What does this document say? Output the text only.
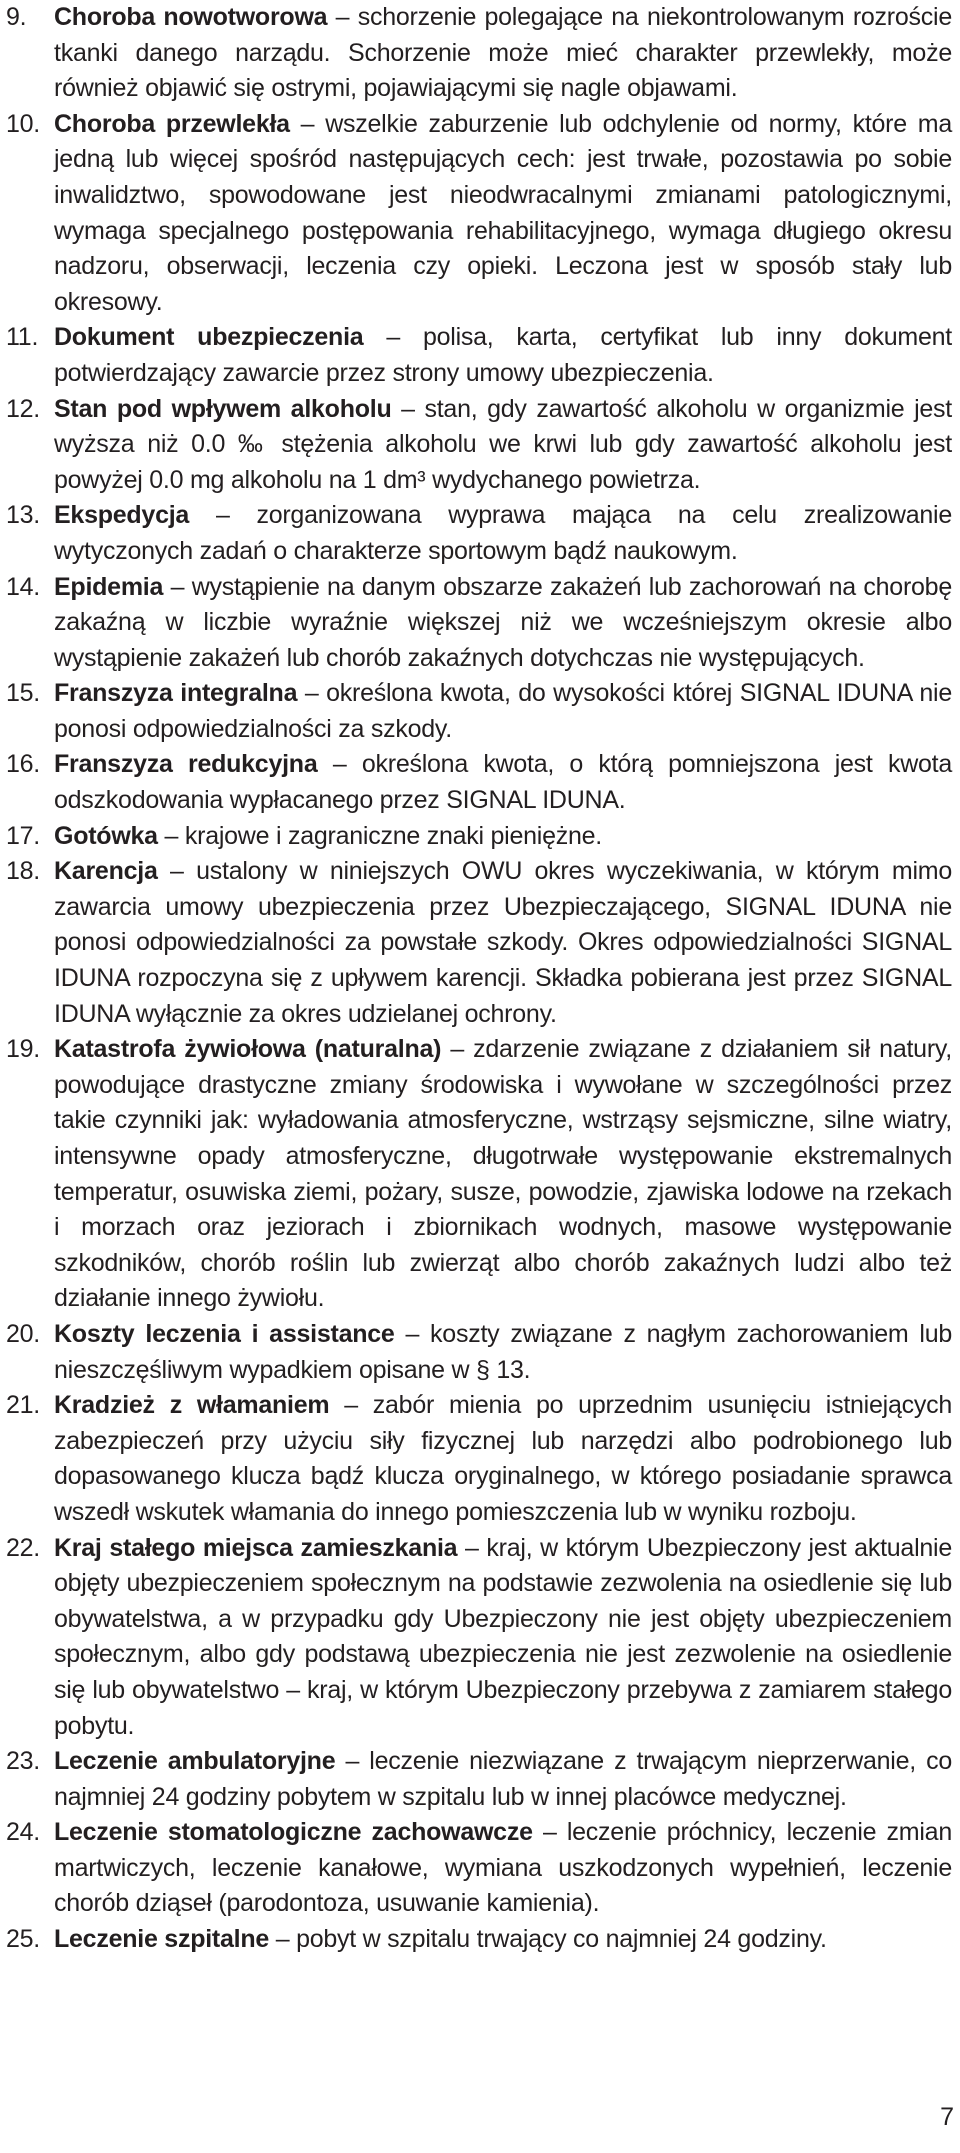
9.	Choroba nowotworowa – schorzenie polegające na niekontrolowanym rozroście tkanki danego narządu. Schorzenie może mieć charakter przewlekły, może również objawić się ostrymi, pojawiającymi się nagle objawami.
10. Choroba przewlekła – wszelkie zaburzenie lub odchylenie od normy, które ma jedną lub więcej spośród następujących cech: jest trwałe, pozostawia po sobie inwalidztwo, spowodowane jest nieodwracalnymi zmianami patologicznymi, wymaga specjalnego postępowania rehabilitacyjnego, wymaga długiego okresu nadzoru, obserwacji, leczenia czy opieki. Leczona jest w sposób stały lub okresowy.
11. Dokument ubezpieczenia – polisa, karta, certyfikat lub inny dokument potwierdzający zawarcie przez strony umowy ubezpieczenia.
12. Stan pod wpływem alkoholu – stan, gdy zawartość alkoholu w organizmie jest wyższa niż 0.0 ‰ stężenia alkoholu we krwi lub gdy zawartość alkoholu jest powyżej 0.0 mg alkoholu na 1 dm³ wydychanego powietrza.
13. Ekspedycja – zorganizowana wyprawa mająca na celu zrealizowanie wytyczonych zadań o charakterze sportowym bądź naukowym.
14. Epidemia – wystąpienie na danym obszarze zakażeń lub zachorowań na chorobę zakaźną w liczbie wyraźnie większej niż we wcześniejszym okresie albo wystąpienie zakażeń lub chorób zakaźnych dotychczas nie występujących.
15. Franszyza integralna – określona kwota, do wysokości której SIGNAL IDUNA nie ponosi odpowiedzialności za szkody.
16. Franszyza redukcyjna – określona kwota, o którą pomniejszona jest kwota odszkodowania wypłacanego przez SIGNAL IDUNA.
17. Gotówka – krajowe i zagraniczne znaki pieniężne.
18. Karencja – ustalony w niniejszych OWU okres wyczekiwania, w którym mimo zawarcia umowy ubezpieczenia przez Ubezpieczającego, SIGNAL IDUNA nie ponosi odpowiedzialności za powstałe szkody. Okres odpowiedzialności SIGNAL IDUNA rozpoczyna się z upływem karencji. Składka pobierana jest przez SIGNAL IDUNA wyłącznie za okres udzielanej ochrony.
19. Katastrofa żywiołowa (naturalna) – zdarzenie związane z działaniem sił natury, powodujące drastyczne zmiany środowiska i wywołane w szczególności przez takie czynniki jak: wyładowania atmosferyczne, wstrząsy sejsmiczne, silne wiatry, intensywne opady atmosferyczne, długotrwałe występowanie ekstremalnych temperatur, osuwiska ziemi, pożary, susze, powodzie, zjawiska lodowe na rzekach i morzach oraz jeziorach i zbiornikach wodnych, masowe występowanie szkodników, chorób roślin lub zwierząt albo chorób zakaźnych ludzi albo też działanie innego żywiołu.
20. Koszty leczenia i assistance – koszty związane z nagłym zachorowaniem lub nieszczęśliwym wypadkiem opisane w § 13.
21. Kradzież z włamaniem – zabór mienia po uprzednim usunięciu istniejących zabezpieczeń przy użyciu siły fizycznej lub narzędzi albo podrobionego lub dopasowanego klucza bądź klucza oryginalnego, w którego posiadanie sprawca wszedł wskutek włamania do innego pomieszczenia lub w wyniku rozboju.
22. Kraj stałego miejsca zamieszkania – kraj, w którym Ubezpieczony jest aktualnie objęty ubezpieczeniem społecznym na podstawie zezwolenia na osiedlenie się lub obywatelstwa, a w przypadku gdy Ubezpieczony nie jest objęty ubezpieczeniem społecznym, albo gdy podstawą ubezpieczenia nie jest zezwolenie na osiedlenie się lub obywatelstwo – kraj, w którym Ubezpieczony przebywa z zamiarem stałego pobytu.
23. Leczenie ambulatoryjne – leczenie niezwiązane z trwającym nieprzerwanie, co najmniej 24 godziny pobytem w szpitalu lub w innej placówce medycznej.
24. Leczenie stomatologiczne zachowawcze – leczenie próchnicy, leczenie zmian martwiczych, leczenie kanałowe, wymiana uszkodzonych wypełnień, leczenie chorób dziąseł (parodontoza, usuwanie kamienia).
25. Leczenie szpitalne – pobyt w szpitalu trwający co najmniej 24 godziny.
7
